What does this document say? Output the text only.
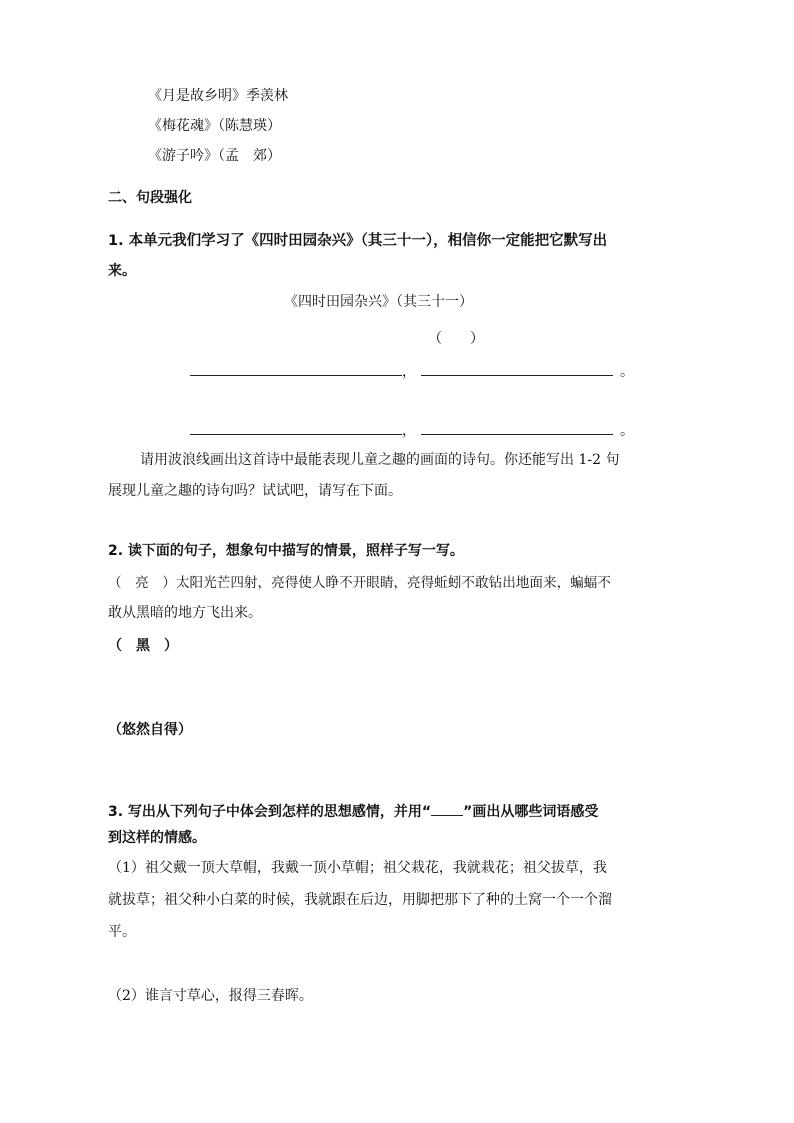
《月是故乡明》季羡林
《梅花魂》（陈慧瑛）
《游子吟》（孟　郊）
二、句段强化
1. 本单元我们学习了《四时田园杂兴》（其三十一），相信你一定能把它默写出
来。
《四时田园杂兴》（其三十一）
（　　）
，	。
，	。
请用波浪线画出这首诗中最能表现儿童之趣的画面的诗句。你还能写出 1-2 句
展现儿童之趣的诗句吗？试试吧，请写在下面。
2. 读下面的句子，想象句中描写的情景，照样子写一写。
（　亮　）太阳光芒四射，亮得使人睁不开眼睛，亮得蚯蚓不敢钻出地面来，蝙蝠不
敢从黑暗的地方飞出来。
（　黑　）
（悠然自得）
3. 写出从下列句子中体会到怎样的思想感情，并用“ ”画出从哪些词语感受
到这样的情感。
（1）祖父戴一顶大草帽，我戴一顶小草帽；祖父栽花，我就栽花；祖父拔草，我
就拔草；祖父种小白菜的时候，我就跟在后边，用脚把那下了种的土窝一个一个溜
平。
（2）谁言寸草心，报得三春晖。
